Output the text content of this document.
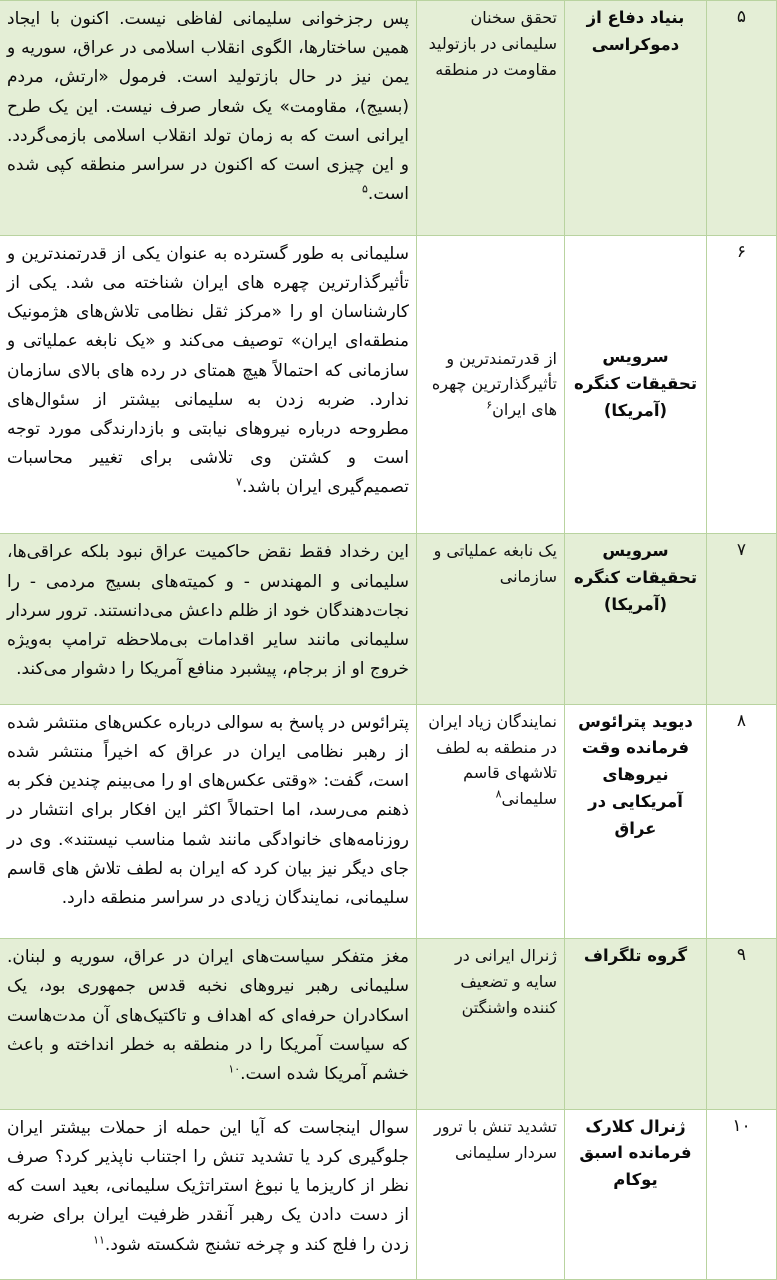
۵	بنیاد دفاع از دموکراسی	تحقق سخنان سلیمانی در بازتولید مقاومت در منطقه	پس رجزخوانی سلیمانی لفاظی نیست. اکنون با ایجاد همین ساختارها، الگوی انقلاب اسلامی در عراق، سوریه و یمن نیز در حال بازتولید است. فرمول «ارتش، مردم (بسیج)، مقاومت» یک شعار صرف نیست. این یک طرح ایرانی است که به زمان تولد انقلاب اسلامی بازمی‌گردد. و این چیزی است که اکنون در سراسر منطقه کپی شده است.$^۵$

۶	سرویس تحقیقات کنگره (آمریکا)	از قدرتمندترین و تأثیرگذارترین چهره های ایران$^۶$	سلیمانی به طور گسترده به عنوان یکی از قدرتمندترین و تأثیرگذارترین چهره های ایران شناخته می شد. یکی از کارشناسان او را «مرکز ثقل نظامی تلاش‌های هژمونیک منطقه‌ای ایران» توصیف می‌کند و «یک نابغه عملیاتی و سازمانی که احتمالاً هیچ همتای در رده های بالای سازمان ندارد. ضربه زدن به سلیمانی بیشتر از سئوال‌های مطروحه درباره نیروهای نیابتی و بازدارندگی مورد توجه است و کشتن وی تلاشی برای تغییر محاسبات تصمیم‌گیری ایران باشد.$^۷$

۷	سرویس تحقیقات کنگره (آمریکا)	یک نابغه عملیاتی و سازمانی	این رخداد فقط نقض حاکمیت عراق نبود بلکه عراقی‌ها، سلیمانی و المهندس - و کمیته‌های بسیج مردمی - را نجات‌دهندگان خود از ظلم داعش می‌دانستند. ترور سردار سلیمانی مانند سایر اقدامات بی‌ملاحظه ترامپ به‌ویژه خروج او از برجام، پیشبرد منافع آمریکا را دشوار می‌کند.

۸	دیوید پترائوس فرمانده وقت نیروهای آمریکایی در عراق	نمایندگان زیاد ایران در منطقه به لطف تلاشهای قاسم سلیمانی$^۸$	پترائوس در پاسخ به سوالی درباره عکس‌های منتشر شده از رهبر نظامی ایران در عراق که اخیراً منتشر شده است، گفت: «وقتی عکس‌های او را می‌بینم چندین فکر به ذهنم می‌رسد، اما احتمالاً اکثر این افکار برای انتشار در روزنامه‌های خانوادگی مانند شما مناسب نیستند». وی در جای دیگر نیز بیان کرد که ایران به لطف تلاش های قاسم سلیمانی، نمایندگان زیادی در سراسر منطقه دارد.

۹	گروه تلگراف	ژنرال ایرانی در سایه و تضعیف کننده واشنگتن	مغز متفکر سیاست‌های ایران در عراق، سوریه و لبنان. سلیمانی رهبر نیروهای نخبه قدس جمهوری بود، یک اسکادران حرفه‌ای که اهداف و تاکتیک‌های آن مدت‌هاست که سیاست آمریکا را در منطقه به خطر انداخته و باعث خشم آمریکا شده است.$^{۱۰}$

۱۰	ژنرال کلارک فرمانده اسبق یوکام	تشدید تنش با ترور سردار سلیمانی	سوال اینجاست که آیا این حمله از حملات بیشتر ایران جلوگیری کرد یا تشدید تنش را اجتناب ناپذیر کرد؟ صرف نظر از کاریزما یا نبوغ استراتژیک سلیمانی، بعید است که از دست دادن یک رهبر آنقدر ظرفیت ایران برای ضربه زدن را فلج کند و چرخه تشنج شکسته شود.$^{۱۱}$
